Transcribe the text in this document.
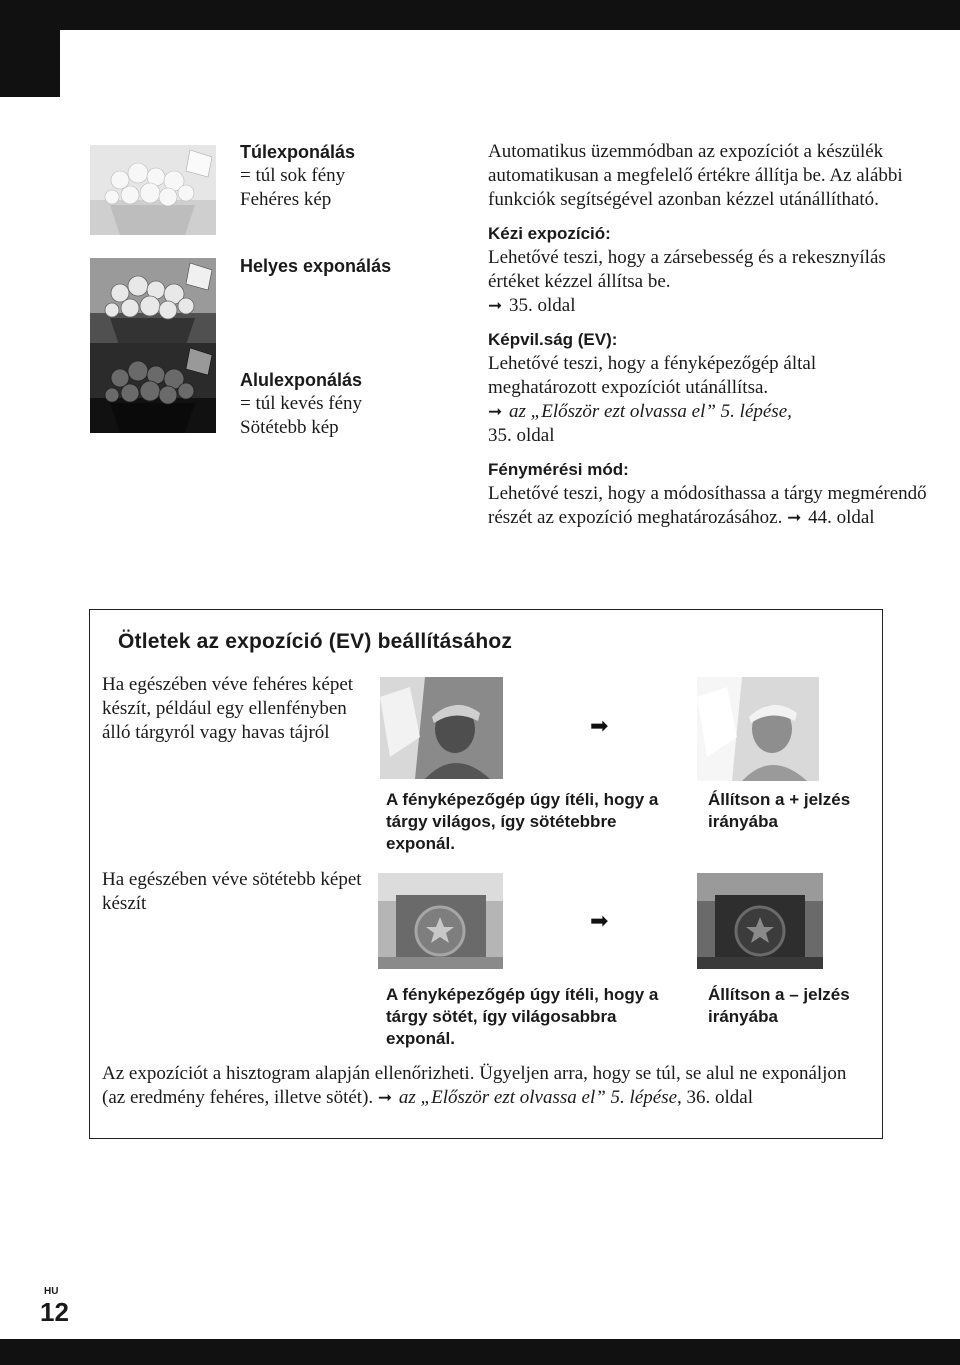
Túlexponálás
= túl sok fény
Fehéres kép
Helyes exponálás
Alulexponálás
= túl kevés fény
Sötétebb kép

Automatikus üzemmódban az expozíciót a készülék automatikusan a megfelelő értékre állítja be. Az alábbi funkciók segítségével azonban kézzel utánállítható.

Kézi expozíció:

Lehetővé teszi, hogy a zársebesség és a rekesznyílás értéket kézzel állítsa be.

➞ 35. oldal

Képvil.ság (EV):

Lehetővé teszi, hogy a fényképezőgép által meghatározott expozíciót utánállítsa.

➞ az „Először ezt olvassa el” 5. lépése,
35. oldal

Fénymérési mód:

Lehetővé teszi, hogy a módosíthassa a tárgy megmérendő részét az expozíció meghatározásához. ➞ 44. oldal

Ötletek az expozíció (EV) beállításához
Ha egészében véve fehéres képet készít, például egy ellenfényben álló tárgyról vagy havas tájról
Ha egészében véve sötétebb képet készít
➡
A fényképezőgép úgy ítéli, hogy a tárgy világos, így sötétebbre exponál.
Állítson a + jelzés irányába
➡
A fényképezőgép úgy ítéli, hogy a tárgy sötét, így világosabbra exponál.
Állítson a – jelzés irányába
Az expozíciót a hisztogram alapján ellenőrizheti. Ügyeljen arra, hogy se túl, se alul ne exponáljon (az eredmény fehéres, illetve sötét). ➞ az „Először ezt olvassa el” 5. lépése, 36. oldal
HU
12
